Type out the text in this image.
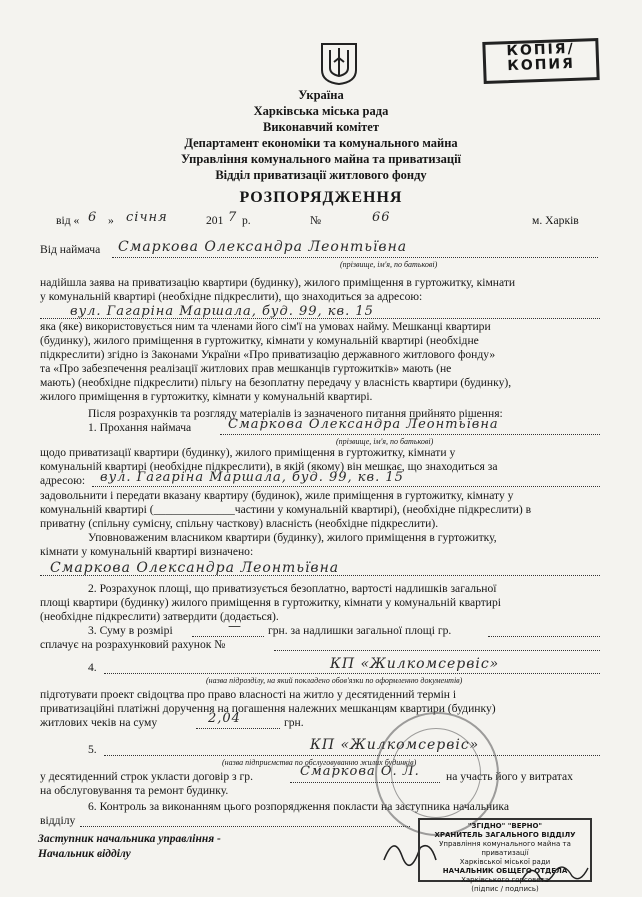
КОПІЯ/
КОПИЯ
Україна
Харківська міська рада
Виконавчий комітет
Департамент економіки та комунального майна
Управління комунального майна та приватизації
Відділ приватизації житлового фонду
РОЗПОРЯДЖЕННЯ
від « 6 » січня	201 7 р.	№	66	м. Харків
Від наймача Смаркова Олександра Леонтьївна
(прізвище, ім'я, по батькові)
надійшла заява на приватизацію квартири (будинку), жилого приміщення в гуртожитку, кімнати
у комунальній квартирі (необхідне підкреслити), що знаходиться за адресою:
вул. Гагаріна Маршала, буд. 99, кв. 15
яка (яке) використовується ним та членами його сім'ї на умовах найму. Мешканці квартири
(будинку), жилого приміщення в гуртожитку, кімнати у комунальній квартирі (необхідне
підкреслити) згідно із Законами України «Про приватизацію державного житлового фонду»
та «Про забезпечення реалізації житлових прав мешканців гуртожитків» мають (не
мають) (необхідне підкреслити) пільгу на безоплатну передачу у власність квартири (будинку),
жилого приміщення в гуртожитку, кімнати у комунальній квартирі.
Після розрахунків та розгляду матеріалів із зазначеного питання прийнято рішення:
1. Прохання наймача	Смаркова Олександра Леонтьївна
(прізвище, ім'я, по батькові)
щодо приватизації квартири (будинку), жилого приміщення в гуртожитку, кімнати у
комунальній квартирі (необхідне підкреслити), в якій (якому) він мешкає, що знаходиться за
адресою: вул. Гагаріна Маршала, буд. 99, кв. 15
задовольнити і передати вказану квартиру (будинок), жиле приміщення в гуртожитку, кімнату у
комунальній квартирі (______________частини у комунальній квартирі), (необхідне підкреслити) в
приватну (спільну сумісну, спільну часткову) власність (необхідне підкреслити).
Уповноваженим власником квартири (будинку), жилого приміщення в гуртожитку,
кімнати у комунальній квартирі визначено:
Смаркова Олександра Леонтьївна
2. Розрахунок площі, що приватизується безоплатно, вартості надлишків загальної
площі квартири (будинку) жилого приміщення в гуртожитку, кімнати у комунальній квартирі
(необхідне підкреслити) затвердити (додається).
3. Суму в розмірі	— грн. за надлишки загальної площі гр.
сплачує на розрахунковий рахунок №
4.	КП «Жилкомсервіс»
(назва підрозділу, на який покладено обов'язки по оформленню документів)
підготувати проект свідоцтва про право власності на житло у десятиденний термін і
приватизаційні платіжні доручення на погашення належних мешканцям квартири (будинку)
житлових чеків на суму	2,04	грн.
5.	КП «Жилкомсервіс»
(назва підприємства по обслуговуванню жилих будинків)
у десятиденний строк укласти договір з гр.	Смаркова О. Л. на участь його у витратах
на обслуговування та ремонт будинку.
6. Контроль за виконанням цього розпорядження покласти на заступника начальника
відділу
Заступник начальника управління -
Начальник відділу
"ЗГІДНО" "ВЕРНО"
ХРАНИТЕЛЬ ЗАГАЛЬНОГО ВІДДІЛУ
Управління комунального майна та приватизації
Харківської міської ради
НАЧАЛЬНИК ОБЩЕГО ОТДЕЛА
Харківського горсовета
(підпис / подпись)
